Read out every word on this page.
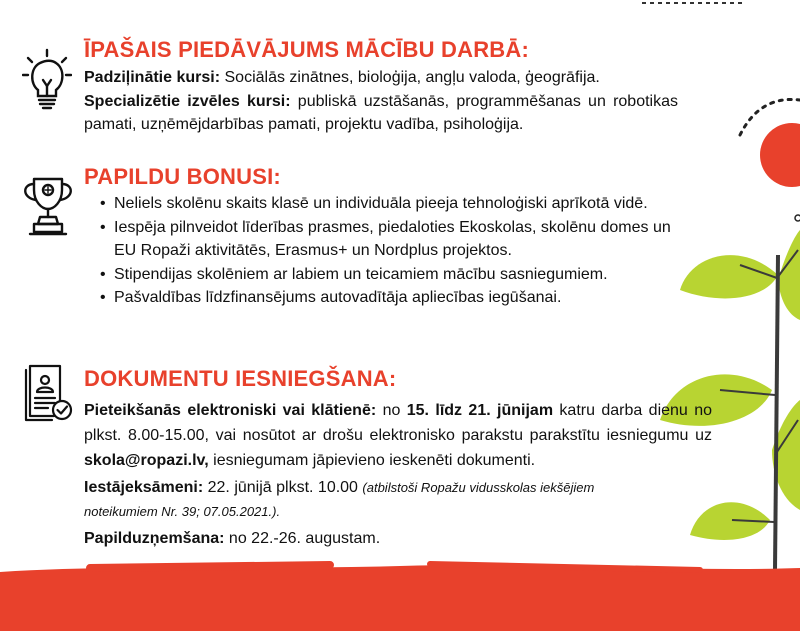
ĪPAŠAIS PIEDĀVĀJUMS MĀCĪBU DARBĀ:

Padziļinātie kursi: Sociālās zinātnes, bioloģija, angļu valoda, ģeogrāfija.

Specializētie izvēles kursi: publiskā uzstāšanās, programmēšanas un robotikas pamati, uzņēmējdarbības pamati, projektu vadība, psiholoģija.

PAPILDU BONUSI:
• Neliels skolēnu skaits klasē un individuāla pieeja tehnoloģiski aprīkotā vidē.
• Iespēja pilnveidot līderības prasmes, piedaloties Ekoskolas, skolēnu domes un EU Ropaži aktivitātēs, Erasmus+ un Nordplus projektos.
• Stipendijas skolēniem ar labiem un teicamiem mācību sasniegumiem.
• Pašvaldības līdzfinansējums autovadītāja apliecības iegūšanai.
DOKUMENTU IESNIEGŠANA:

Pieteikšanās elektroniski vai klātienē: no 15. līdz 21. jūnijam katru darba dienu no plkst. 8.00-15.00, vai nosūtot ar drošu elektronisko parakstu parakstītu iesniegumu uz skola@ropazi.lv, iesniegumam jāpievieno ieskenēti dokumenti.

Iestājeksāmeni: 22. jūnijā plkst. 10.00 (atbilstoši Ropažu vidusskolas iekšējiem noteikumiem Nr. 39; 07.05.2021.).

Papilduzņemšana: no 22.-26. augustam.
